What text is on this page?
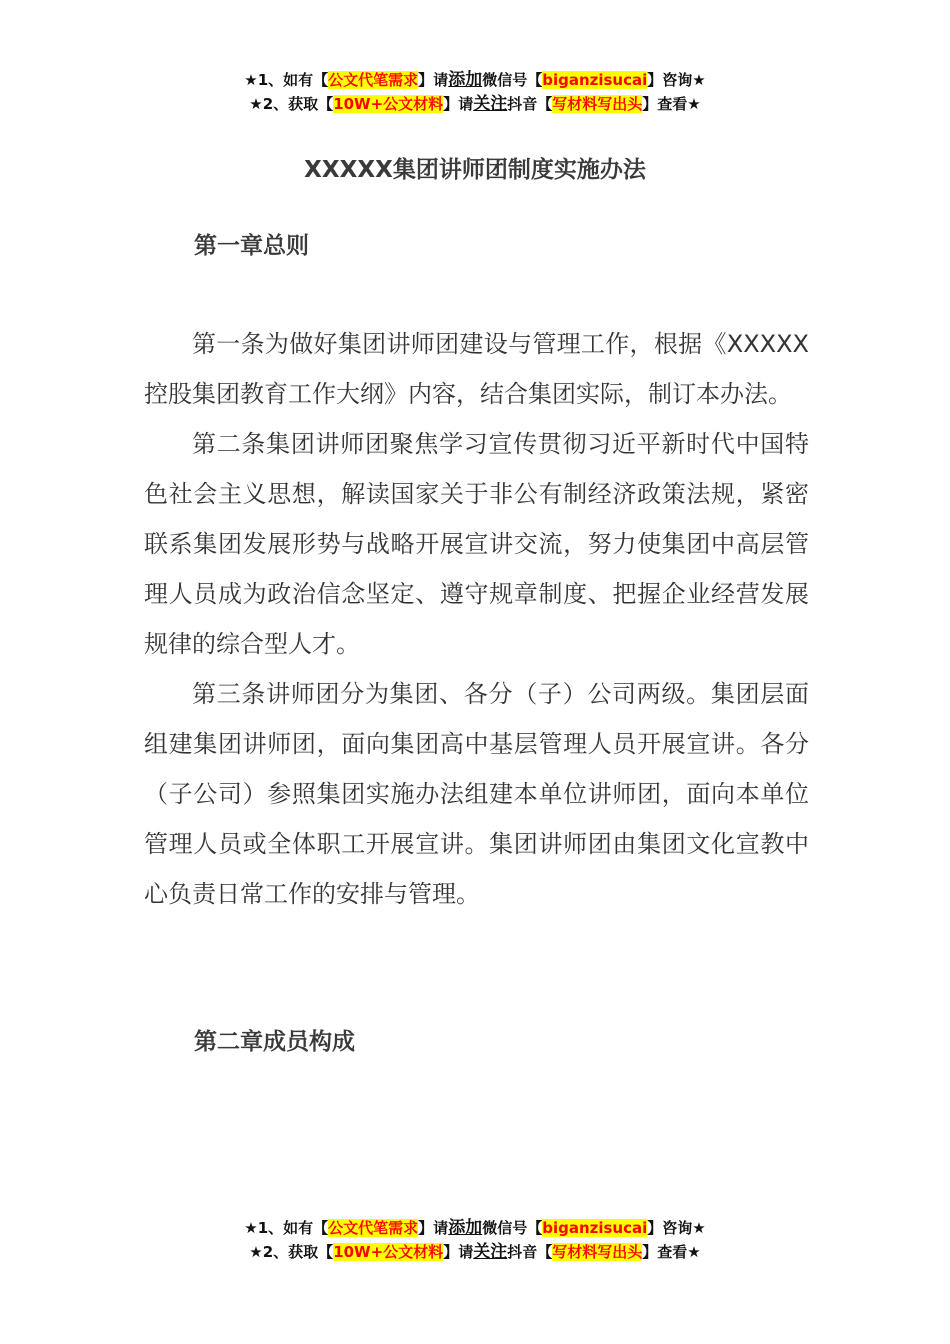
★1、如有【公文代笔需求】请添加微信号【biganzisucai】咨询★
★2、获取【10W+公文材料】请关注抖音【写材料写出头】查看★
XXXXX集团讲师团制度实施办法
第一章总则

第一条为做好集团讲师团建设与管理工作，根据《XXXXX控股集团教育工作大纲》内容，结合集团实际，制订本办法。

第二条集团讲师团聚焦学习宣传贯彻习近平新时代中国特色社会主义思想，解读国家关于非公有制经济政策法规，紧密联系集团发展形势与战略开展宣讲交流，努力使集团中高层管理人员成为政治信念坚定、遵守规章制度、把握企业经营发展规律的综合型人才。

第三条讲师团分为集团、各分（子）公司两级。集团层面组建集团讲师团，面向集团高中基层管理人员开展宣讲。各分（子公司）参照集团实施办法组建本单位讲师团，面向本单位管理人员或全体职工开展宣讲。集团讲师团由集团文化宣教中心负责日常工作的安排与管理。

第二章成员构成
★1、如有【公文代笔需求】请添加微信号【biganzisucai】咨询★
★2、获取【10W+公文材料】请关注抖音【写材料写出头】查看★
